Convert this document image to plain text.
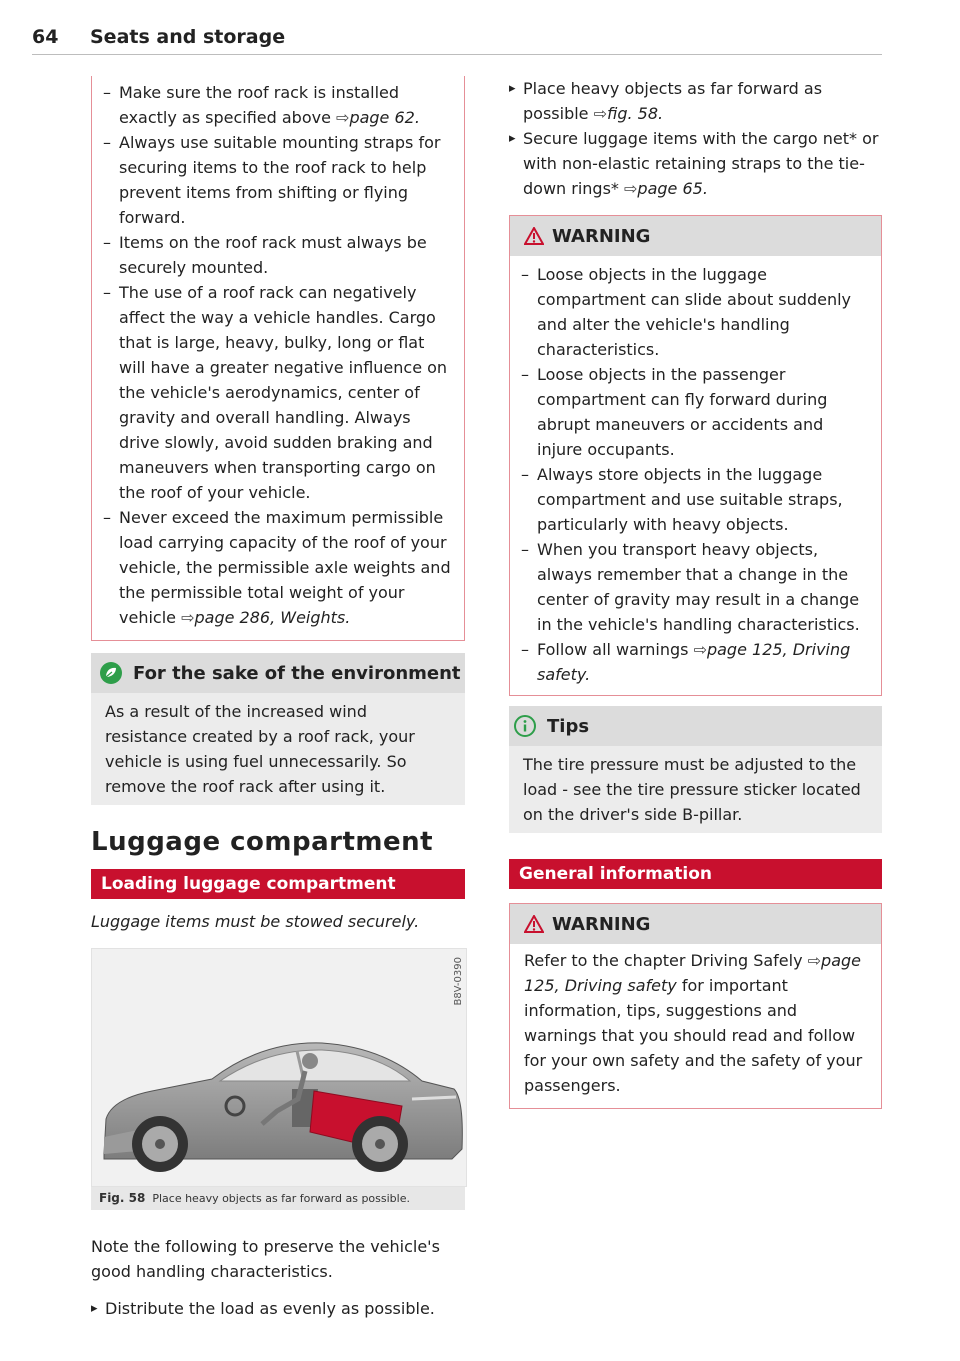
64 Seats and storage
– Make sure the roof rack is installed exactly as specified above ⇨page 62.
– Always use suitable mounting straps for securing items to the roof rack to help prevent items from shifting or flying forward.
– Items on the roof rack must always be securely mounted.
– The use of a roof rack can negatively affect the way a vehicle handles. Cargo that is large, heavy, bulky, long or flat will have a greater negative influence on the vehicle's aerodynamics, center of gravity and overall handling. Always drive slowly, avoid sudden braking and maneuvers when transporting cargo on the roof of your vehicle.
– Never exceed the maximum permissible load carrying capacity of the roof of your vehicle, the permissible axle weights and the permissible total weight of your vehicle ⇨page 286, Weights.
For the sake of the environment

As a result of the increased wind resistance created by a roof rack, your vehicle is using fuel unnecessarily. So remove the roof rack after using it.

Luggage compartment
Loading luggage compartment

Luggage items must be stowed securely.

B8V-0390
Fig. 58 Place heavy objects as far forward as possible.

Note the following to preserve the vehicle's good handling characteristics.

▸ Distribute the load as evenly as possible.
▸ Place heavy objects as far forward as possible ⇨fig. 58.
▸ Secure luggage items with the cargo net* or with non-elastic retaining straps to the tie-down rings* ⇨page 65.
WARNING
– Loose objects in the luggage compartment can slide about suddenly and alter the vehicle's handling characteristics.
– Loose objects in the passenger compartment can fly forward during abrupt maneuvers or accidents and injure occupants.
– Always store objects in the luggage compartment and use suitable straps, particularly with heavy objects.
– When you transport heavy objects, always remember that a change in the center of gravity may result in a change in the vehicle's handling characteristics.
– Follow all warnings ⇨page 125, Driving safety.
Tips

The tire pressure must be adjusted to the load - see the tire pressure sticker located on the driver's side B-pillar.

General information
WARNING

Refer to the chapter Driving Safely ⇨page 125, Driving safety for important information, tips, suggestions and warnings that you should read and follow for your own safety and the safety of your passengers.
